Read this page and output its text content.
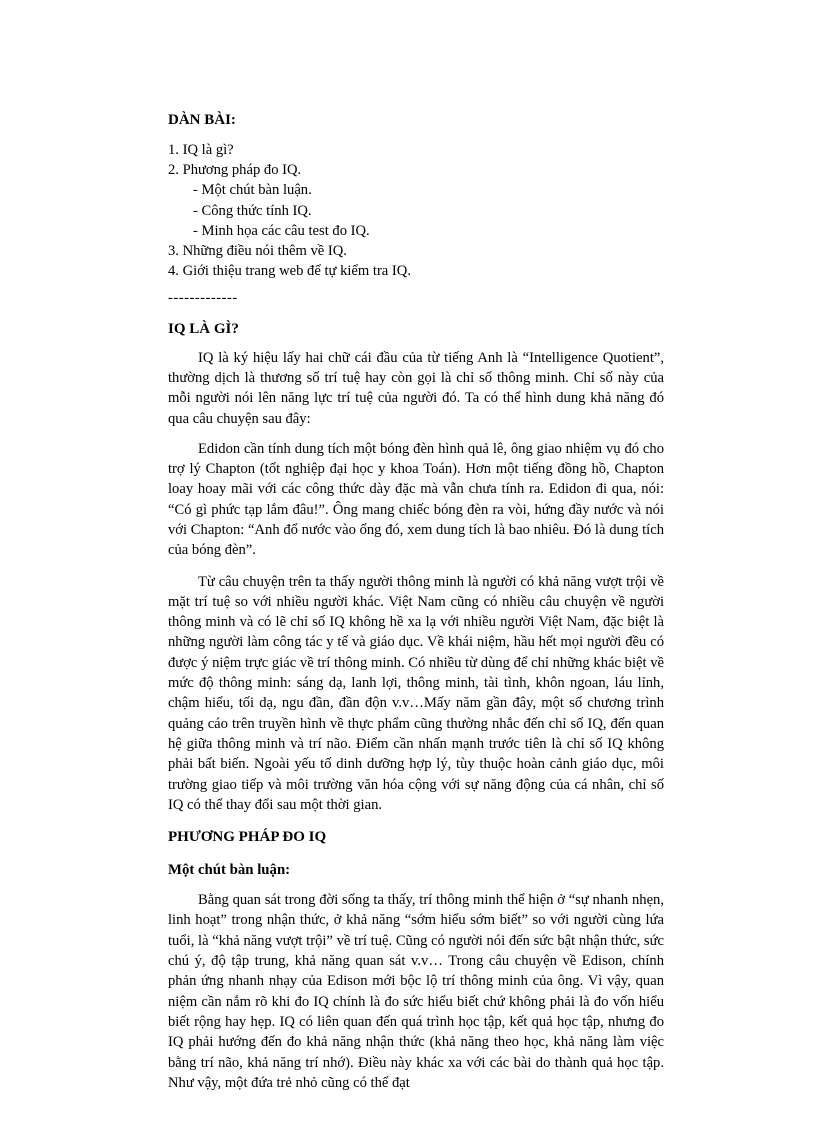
DÀN BÀI:
1. IQ là gì?
2. Phương pháp đo IQ.
- Một chút bàn luận.
- Công thức tính IQ.
- Minh họa các câu test đo IQ.
3. Những điều nói thêm về IQ.
4. Giới thiệu trang web để tự kiểm tra IQ.
-------------
IQ LÀ GÌ?

IQ là ký hiệu lấy hai chữ cái đầu của từ tiếng Anh là “Intelligence Quotient”, thường dịch là thương số trí tuệ hay còn gọi là chỉ số thông minh. Chỉ số này của mỗi người nói lên năng lực trí tuệ của người đó. Ta có thể hình dung khả năng đó qua câu chuyện sau đây:

Edidon cần tính dung tích một bóng đèn hình quả lê, ông giao nhiệm vụ đó cho trợ lý Chapton (tốt nghiệp đại học y khoa Toán). Hơn một tiếng đồng hồ, Chapton loay hoay mãi với các công thức dày đặc mà vẫn chưa tính ra. Edidon đi qua, nói: “Có gì phức tạp lắm đâu!”. Ông mang chiếc bóng đèn ra vòi, hứng đầy nước và nói với Chapton: “Anh đổ nước vào ống đó, xem dung tích là bao nhiêu. Đó là dung tích của bóng đèn”.

Từ câu chuyện trên ta thấy người thông minh là người có khả năng vượt trội về mặt trí tuệ so với nhiều người khác. Việt Nam cũng có nhiều câu chuyện về người thông minh và có lẽ chỉ số IQ không hề xa lạ với nhiều người Việt Nam, đặc biệt là những người làm công tác y tế và giáo dục. Về khái niệm, hầu hết mọi người đều có được ý niệm trực giác về trí thông minh. Có nhiều từ dùng để chỉ những khác biệt về mức độ thông minh: sáng dạ, lanh lợi, thông minh, tài tình, khôn ngoan, láu lỉnh, chậm hiểu, tối dạ, ngu đần, đần độn v.v…Mấy năm gần đây, một số chương trình quảng cáo trên truyền hình về thực phẩm cũng thường nhắc đến chỉ số IQ, đến quan hệ giữa thông minh và trí não. Điểm cần nhấn mạnh trước tiên là chỉ số IQ không phải bất biến. Ngoài yếu tố dinh dưỡng hợp lý, tùy thuộc hoàn cảnh giáo dục, môi trường giao tiếp và môi trường văn hóa cộng với sự năng động của cá nhân, chỉ số IQ có thể thay đổi sau một thời gian.

PHƯƠNG PHÁP ĐO IQ
Một chút bàn luận:

Bằng quan sát trong đời sống ta thấy, trí thông minh thể hiện ở “sự nhanh nhẹn, linh hoạt” trong nhận thức, ở khả năng “sớm hiểu sớm biết” so với người cùng lứa tuổi, là “khả năng vượt trội” về trí tuệ. Cũng có người nói đến sức bật nhận thức, sức chú ý, độ tập trung, khả năng quan sát v.v… Trong câu chuyện về Edison, chính phản ứng nhanh nhạy của Edison mới bộc lộ trí thông minh của ông. Vì vậy, quan niệm cần nắm rõ khi đo IQ chính là đo sức hiểu biết chứ không phải là đo vốn hiểu biết rộng hay hẹp. IQ có liên quan đến quá trình học tập, kết quả học tập, nhưng đo IQ phải hướng đến đo khả năng nhận thức (khả năng theo học, khả năng làm việc bằng trí não, khả năng trí nhớ). Điều này khác xa với các bài do thành quả học tập. Như vậy, một đứa trẻ nhỏ cũng có thể đạt
